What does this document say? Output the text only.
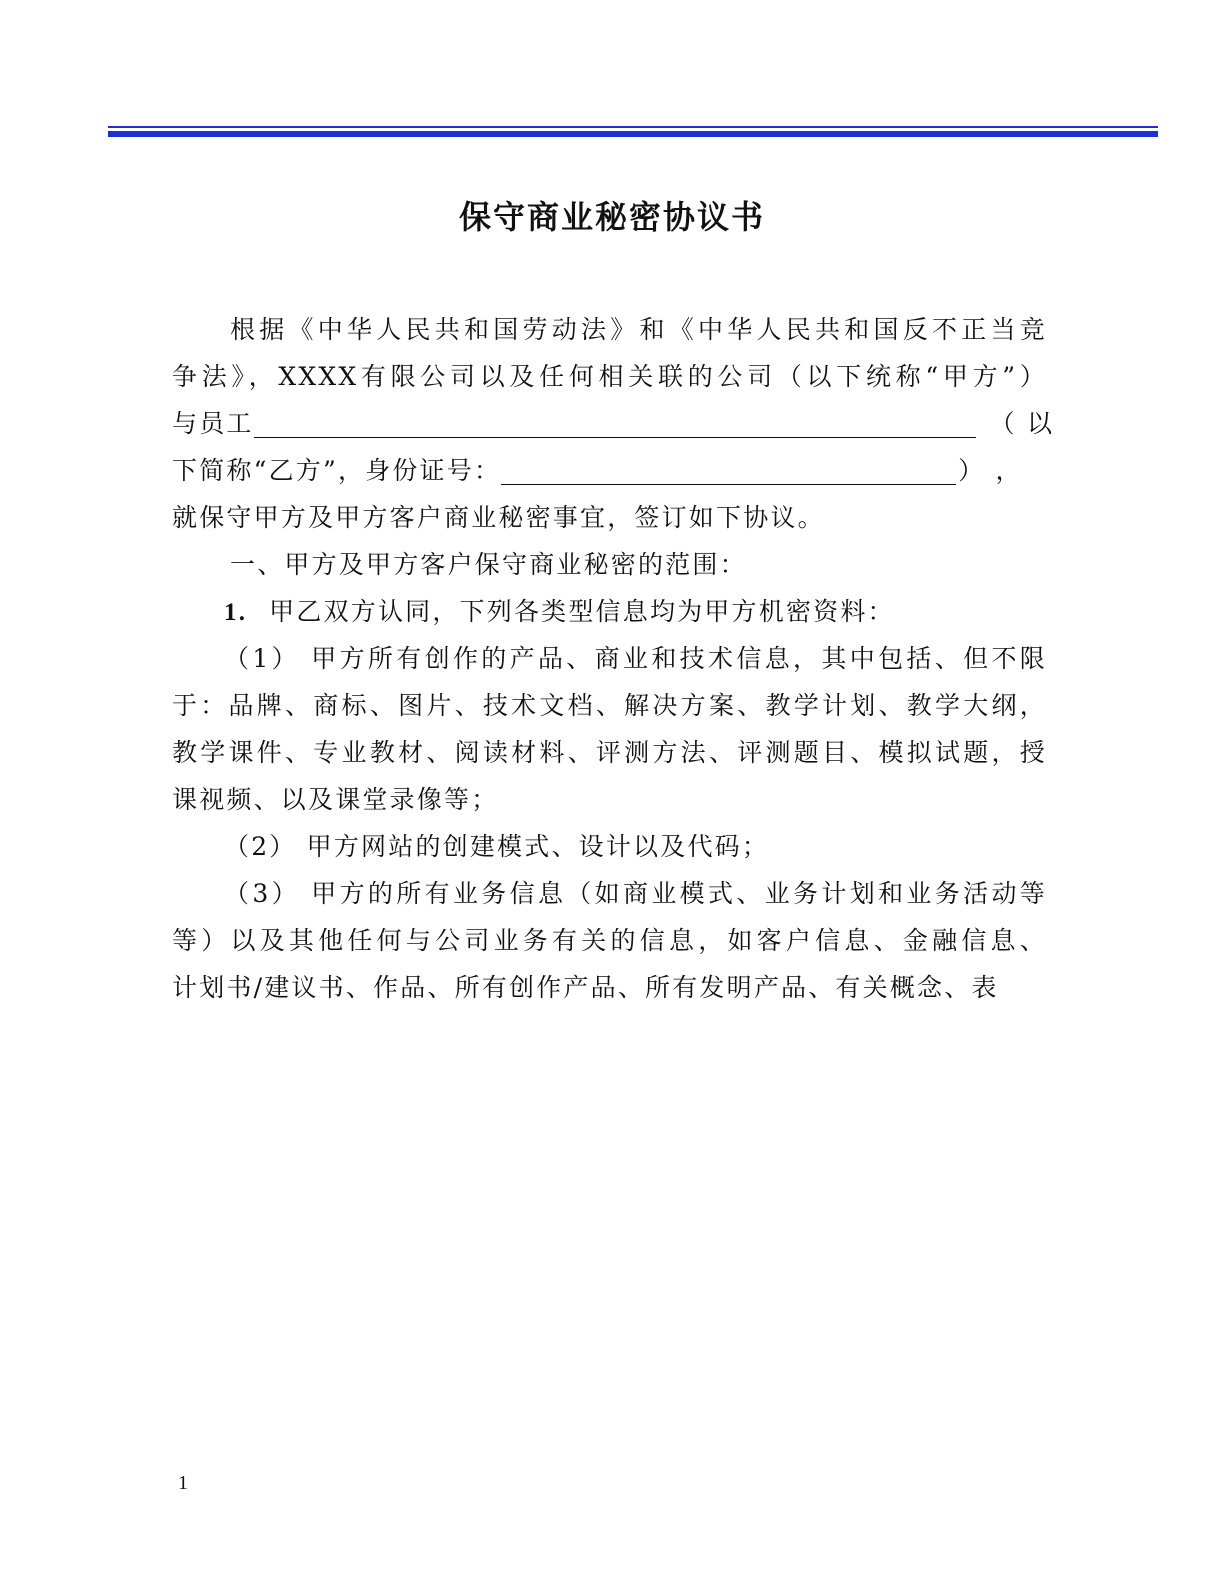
保守商业秘密协议书
根据《中华人民共和国劳动法》和《中华人民共和国反不正当竞
争法》，XXXX有限公司以及任何相关联的公司（以下统称“甲方”）
与员工	（ 以
下简称“乙方”，身份证号：	） ，
就保守甲方及甲方客户商业秘密事宜，签订如下协议。
一、甲方及甲方客户保守商业秘密的范围：
1. 甲乙双方认同，下列各类型信息均为甲方机密资料：
（1） 甲方所有创作的产品、商业和技术信息，其中包括、但不限
于：品牌、商标、图片、技术文档、解决方案、教学计划、教学大纲，
教学课件、专业教材、阅读材料、评测方法、评测题目、模拟试题，授
课视频、以及课堂录像等；
（2） 甲方网站的创建模式、设计以及代码；
（3） 甲方的所有业务信息（如商业模式、业务计划和业务活动等
等）以及其他任何与公司业务有关的信息，如客户信息、金融信息、
计划书/建议书、作品、所有创作产品、所有发明产品、有关概念、表
1
